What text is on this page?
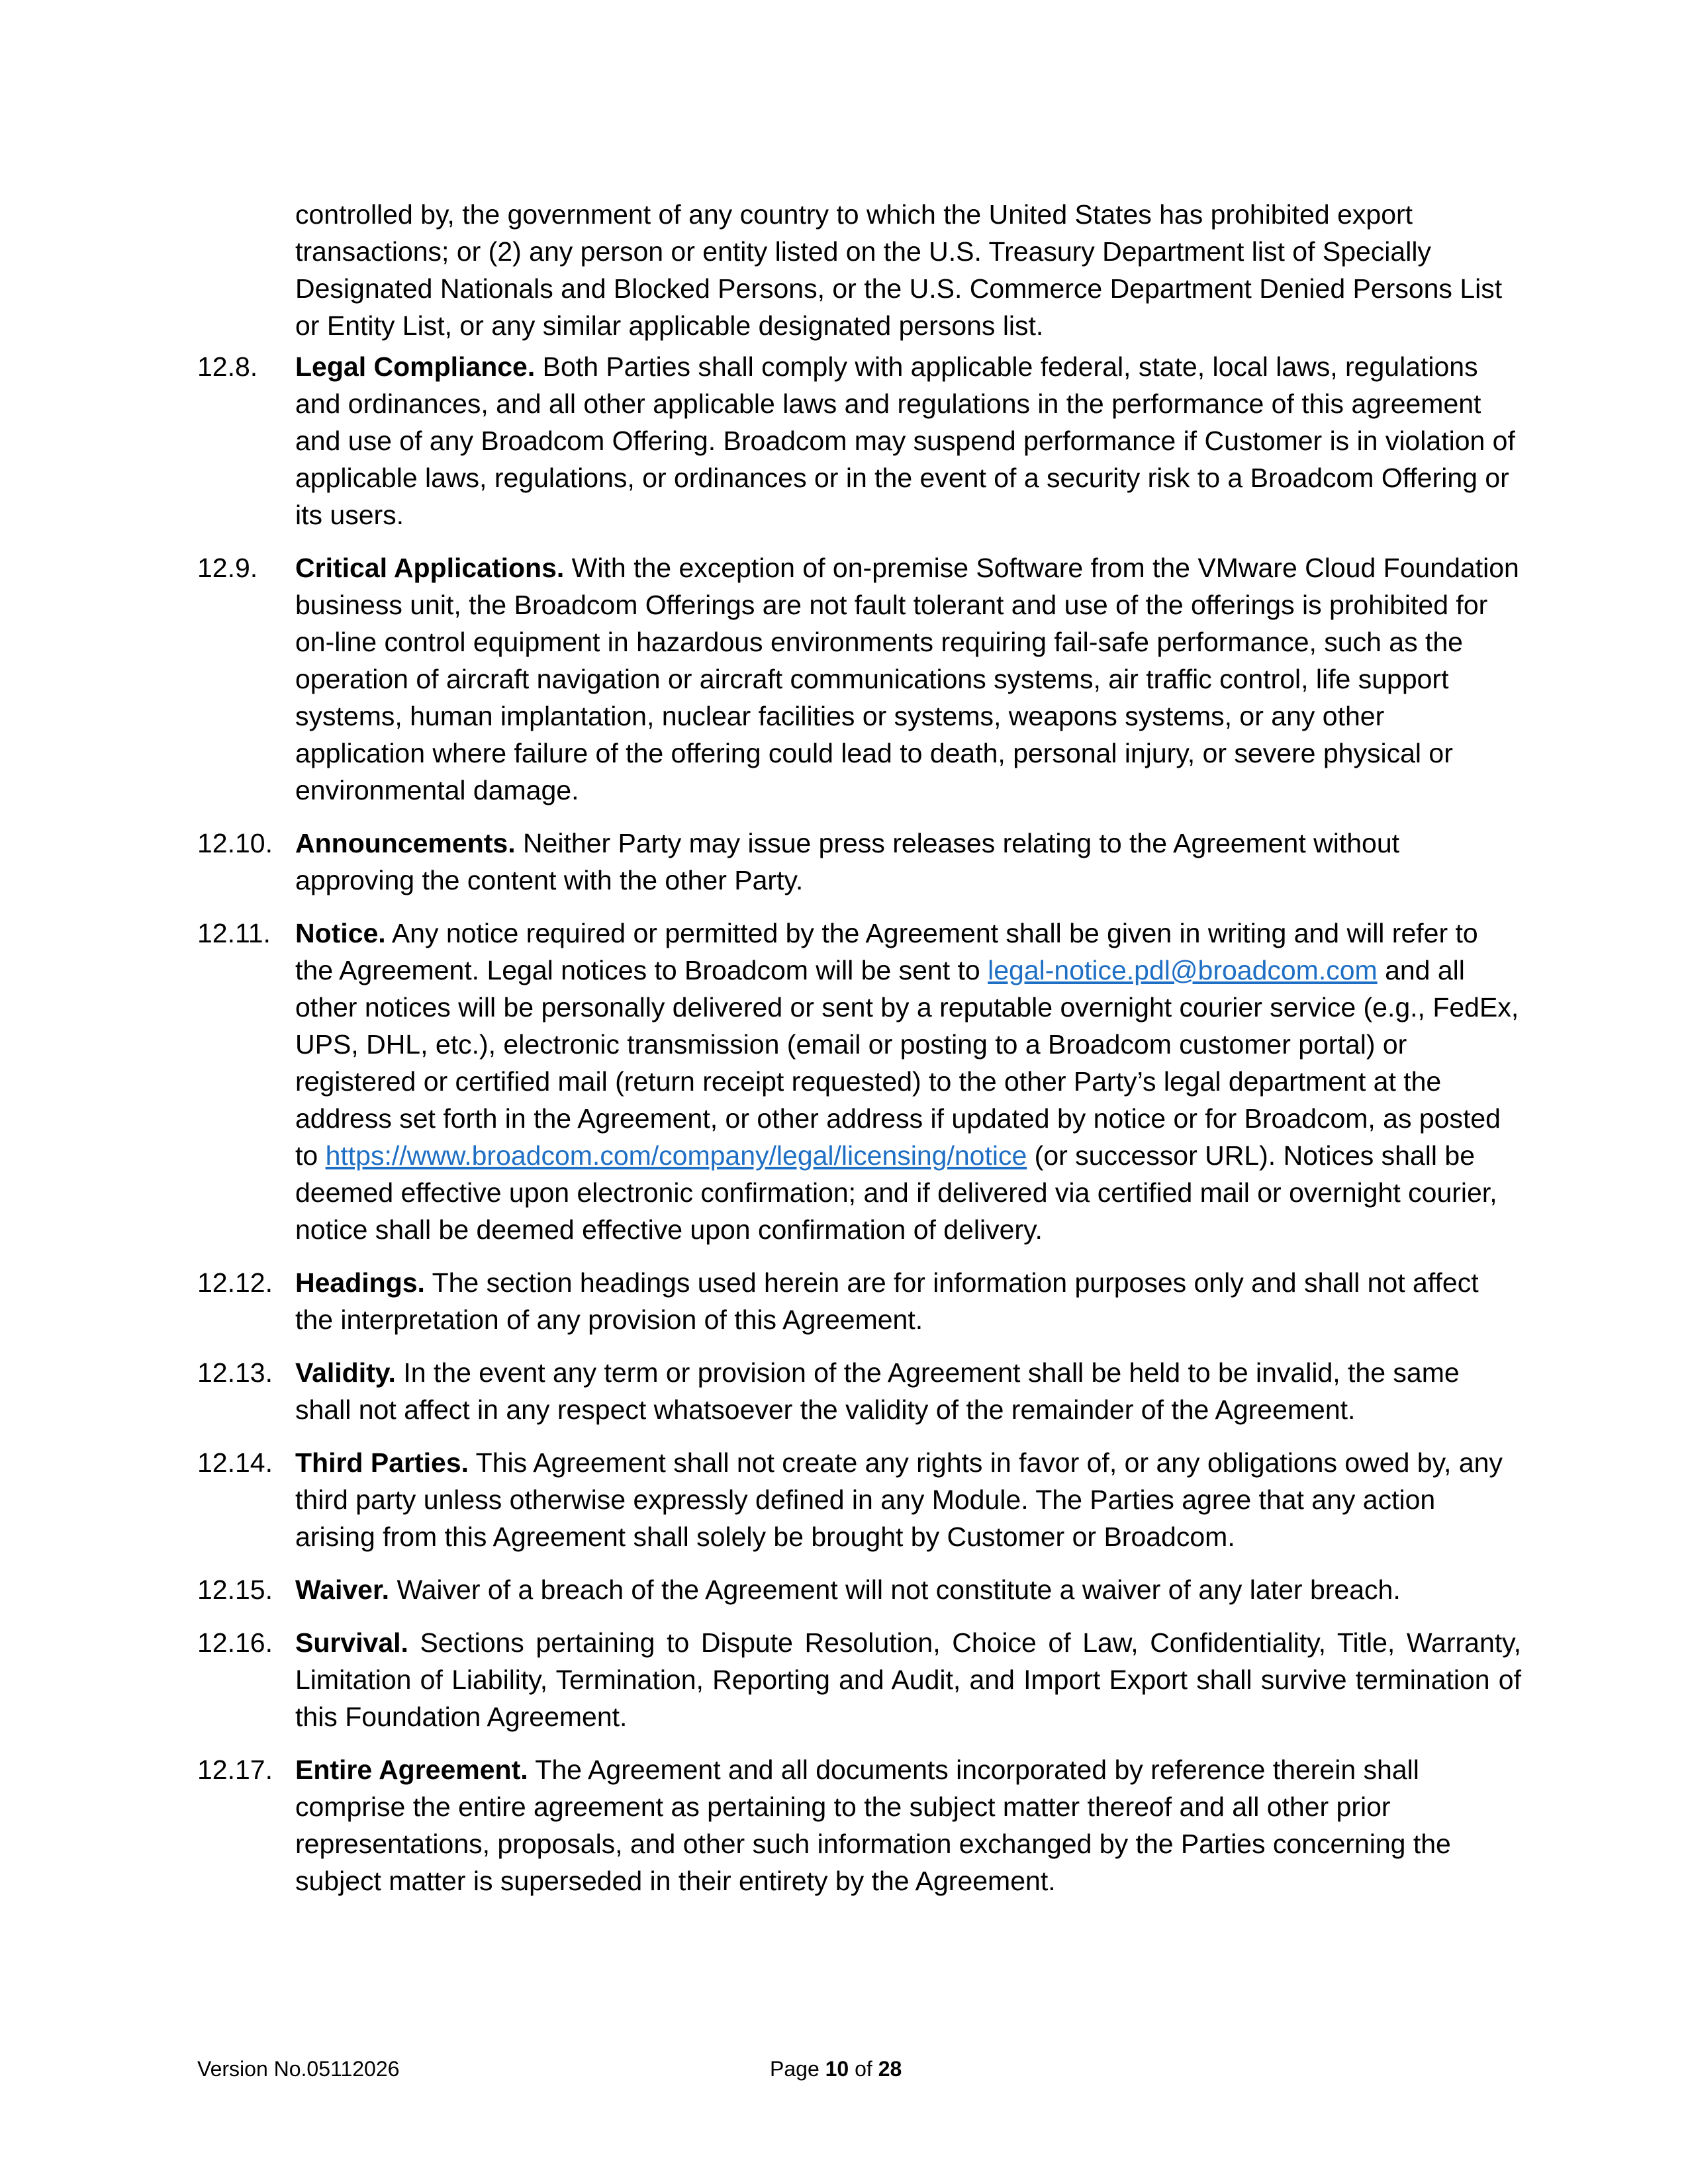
controlled by, the government of any country to which the United States has prohibited export transactions; or (2) any person or entity listed on the U.S. Treasury Department list of Specially Designated Nationals and Blocked Persons, or the U.S. Commerce Department Denied Persons List or Entity List, or any similar applicable designated persons list.
12.8.	Legal Compliance. Both Parties shall comply with applicable federal, state, local laws, regulations and ordinances, and all other applicable laws and regulations in the performance of this agreement and use of any Broadcom Offering. Broadcom may suspend performance if Customer is in violation of applicable laws, regulations, or ordinances or in the event of a security risk to a Broadcom Offering or its users.
12.9.	Critical Applications. With the exception of on-premise Software from the VMware Cloud Foundation business unit, the Broadcom Offerings are not fault tolerant and use of the offerings is prohibited for on-line control equipment in hazardous environments requiring fail-safe performance, such as the operation of aircraft navigation or aircraft communications systems, air traffic control, life support systems, human implantation, nuclear facilities or systems, weapons systems, or any other application where failure of the offering could lead to death, personal injury, or severe physical or environmental damage.
12.10. Announcements. Neither Party may issue press releases relating to the Agreement without approving the content with the other Party.
12.11. Notice. Any notice required or permitted by the Agreement shall be given in writing and will refer to the Agreement. Legal notices to Broadcom will be sent to legal-notice.pdl@broadcom.com and all other notices will be personally delivered or sent by a reputable overnight courier service (e.g., FedEx, UPS, DHL, etc.), electronic transmission (email or posting to a Broadcom customer portal) or registered or certified mail (return receipt requested) to the other Party’s legal department at the address set forth in the Agreement, or other address if updated by notice or for Broadcom, as posted to https://www.broadcom.com/company/legal/licensing/notice (or successor URL). Notices shall be deemed effective upon electronic confirmation; and if delivered via certified mail or overnight courier, notice shall be deemed effective upon confirmation of delivery.
12.12. Headings. The section headings used herein are for information purposes only and shall not affect the interpretation of any provision of this Agreement.
12.13. Validity. In the event any term or provision of the Agreement shall be held to be invalid, the same shall not affect in any respect whatsoever the validity of the remainder of the Agreement.
12.14. Third Parties. This Agreement shall not create any rights in favor of, or any obligations owed by, any third party unless otherwise expressly defined in any Module. The Parties agree that any action arising from this Agreement shall solely be brought by Customer or Broadcom.
12.15. Waiver. Waiver of a breach of the Agreement will not constitute a waiver of any later breach.
12.16. Survival. Sections pertaining to Dispute Resolution, Choice of Law, Confidentiality, Title, Warranty, Limitation of Liability, Termination, Reporting and Audit, and Import Export shall survive termination of this Foundation Agreement.
12.17. Entire Agreement. The Agreement and all documents incorporated by reference therein shall comprise the entire agreement as pertaining to the subject matter thereof and all other prior representations, proposals, and other such information exchanged by the Parties concerning the subject matter is superseded in their entirety by the Agreement.
Version No.05112026	Page 10 of 28
